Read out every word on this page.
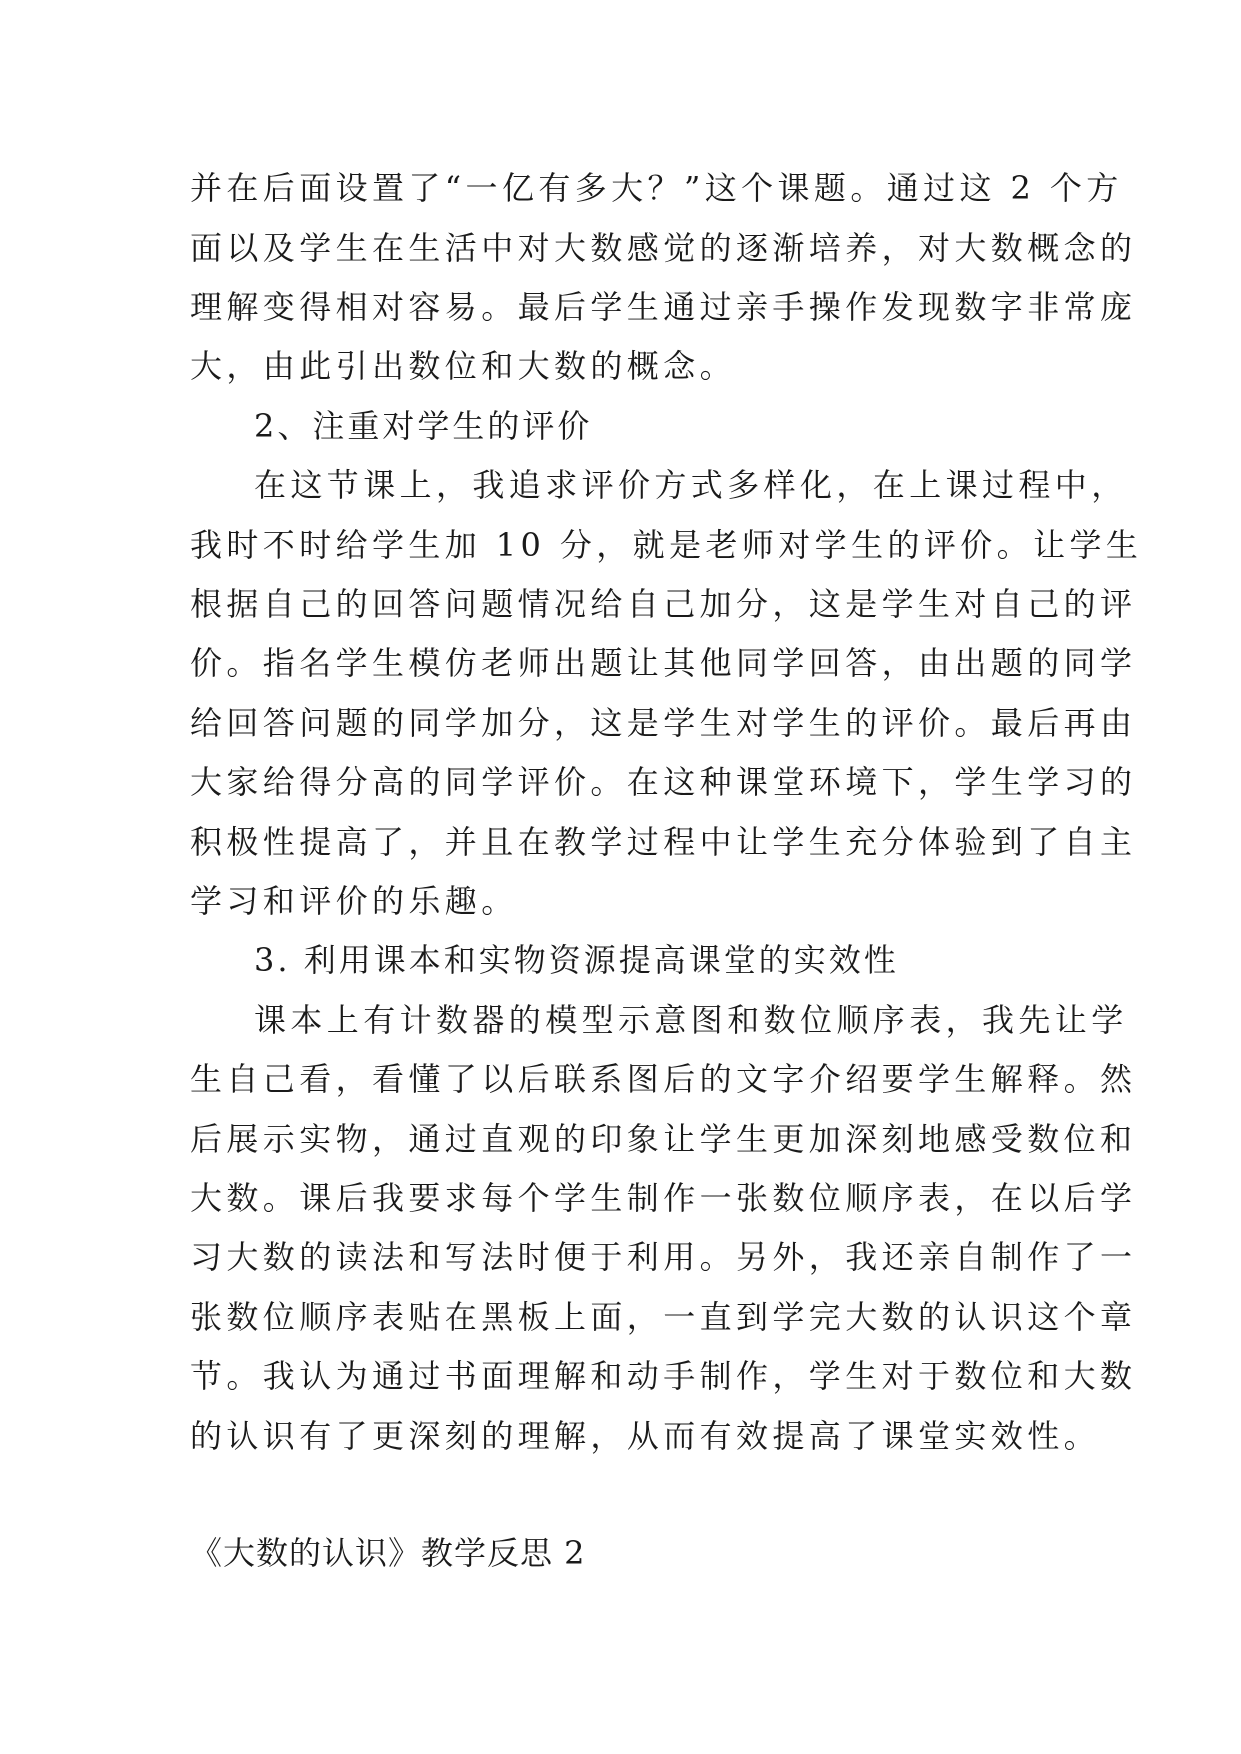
并在后面设置了“一亿有多大？”这个课题。通过这 2 个方
面以及学生在生活中对大数感觉的逐渐培养，对大数概念的
理解变得相对容易。最后学生通过亲手操作发现数字非常庞
大，由此引出数位和大数的概念。
2、注重对学生的评价
在这节课上，我追求评价方式多样化，在上课过程中，
我时不时给学生加 10 分，就是老师对学生的评价。让学生
根据自己的回答问题情况给自己加分，这是学生对自己的评
价。指名学生模仿老师出题让其他同学回答，由出题的同学
给回答问题的同学加分，这是学生对学生的评价。最后再由
大家给得分高的同学评价。在这种课堂环境下，学生学习的
积极性提高了，并且在教学过程中让学生充分体验到了自主
学习和评价的乐趣。
3. 利用课本和实物资源提高课堂的实效性
课本上有计数器的模型示意图和数位顺序表，我先让学
生自己看，看懂了以后联系图后的文字介绍要学生解释。然
后展示实物，通过直观的印象让学生更加深刻地感受数位和
大数。课后我要求每个学生制作一张数位顺序表，在以后学
习大数的读法和写法时便于利用。另外，我还亲自制作了一
张数位顺序表贴在黑板上面，一直到学完大数的认识这个章
节。我认为通过书面理解和动手制作，学生对于数位和大数
的认识有了更深刻的理解，从而有效提高了课堂实效性。
《大数的认识》教学反思 2
